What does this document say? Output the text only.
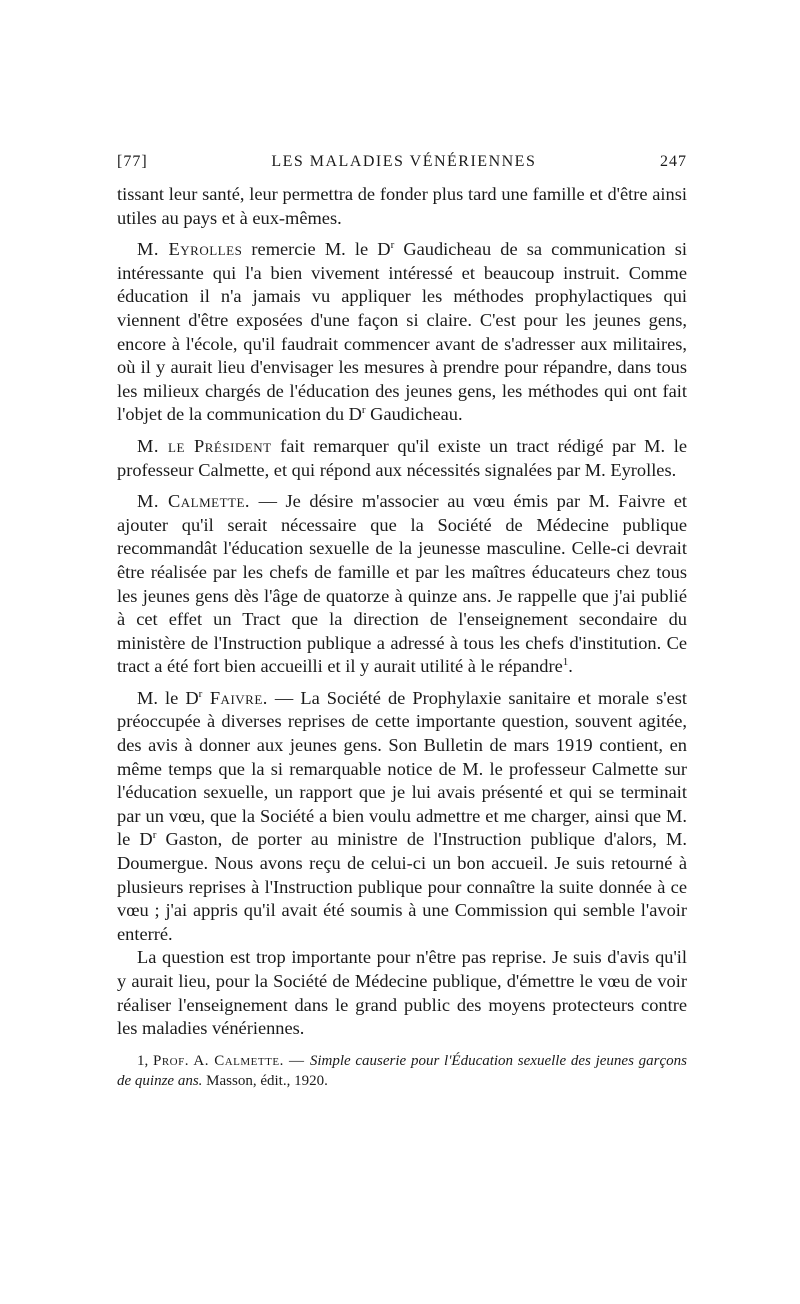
[77]	LES MALADIES VÉNÉRIENNES	247

tissant leur santé, leur permettra de fonder plus tard une famille et d'être ainsi utiles au pays et à eux-mêmes.

M. Eyrolles remercie M. le $D^r$ Gaudicheau de sa communication si intéressante qui l'a bien vivement intéressé et beaucoup instruit. Comme éducation il n'a jamais vu appliquer les méthodes prophylactiques qui viennent d'être exposées d'une façon si claire. C'est pour les jeunes gens, encore à l'école, qu'il faudrait commencer avant de s'adresser aux militaires, où il y aurait lieu d'envisager les mesures à prendre pour répandre, dans tous les milieux chargés de l'éducation des jeunes gens, les méthodes qui ont fait l'objet de la communication du $D^r$ Gaudicheau.

M. le Président fait remarquer qu'il existe un tract rédigé par M. le professeur Calmette, et qui répond aux nécessités signalées par M. Eyrolles.

M. Calmette. — Je désire m'associer au vœu émis par M. Faivre et ajouter qu'il serait nécessaire que la Société de Médecine publique recommandât l'éducation sexuelle de la jeunesse masculine. Celle-ci devrait être réalisée par les chefs de famille et par les maîtres éducateurs chez tous les jeunes gens dès l'âge de quatorze à quinze ans. Je rappelle que j'ai publié à cet effet un Tract que la direction de l'enseignement secondaire du ministère de l'Instruction publique a adressé à tous les chefs d'institution. Ce tract a été fort bien accueilli et il y aurait utilité à le répandre$^1$.

M. le $D^r$ Faivre. — La Société de Prophylaxie sanitaire et morale s'est préoccupée à diverses reprises de cette importante question, souvent agitée, des avis à donner aux jeunes gens. Son Bulletin de mars 1919 contient, en même temps que la si remarquable notice de M. le professeur Calmette sur l'éducation sexuelle, un rapport que je lui avais présenté et qui se terminait par un vœu, que la Société a bien voulu admettre et me charger, ainsi que M. le $D^r$ Gaston, de porter au ministre de l'Instruction publique d'alors, M. Doumergue. Nous avons reçu de celui-ci un bon accueil. Je suis retourné à plusieurs reprises à l'Instruction publique pour connaître la suite donnée à ce vœu ; j'ai appris qu'il avait été soumis à une Commission qui semble l'avoir enterré.

La question est trop importante pour n'être pas reprise. Je suis d'avis qu'il y aurait lieu, pour la Société de Médecine publique, d'émettre le vœu de voir réaliser l'enseignement dans le grand public des moyens protecteurs contre les maladies vénériennes.

1, Prof. A. Calmette. — Simple causerie pour l'Éducation sexuelle des jeunes garçons de quinze ans. Masson, édit., 1920.
